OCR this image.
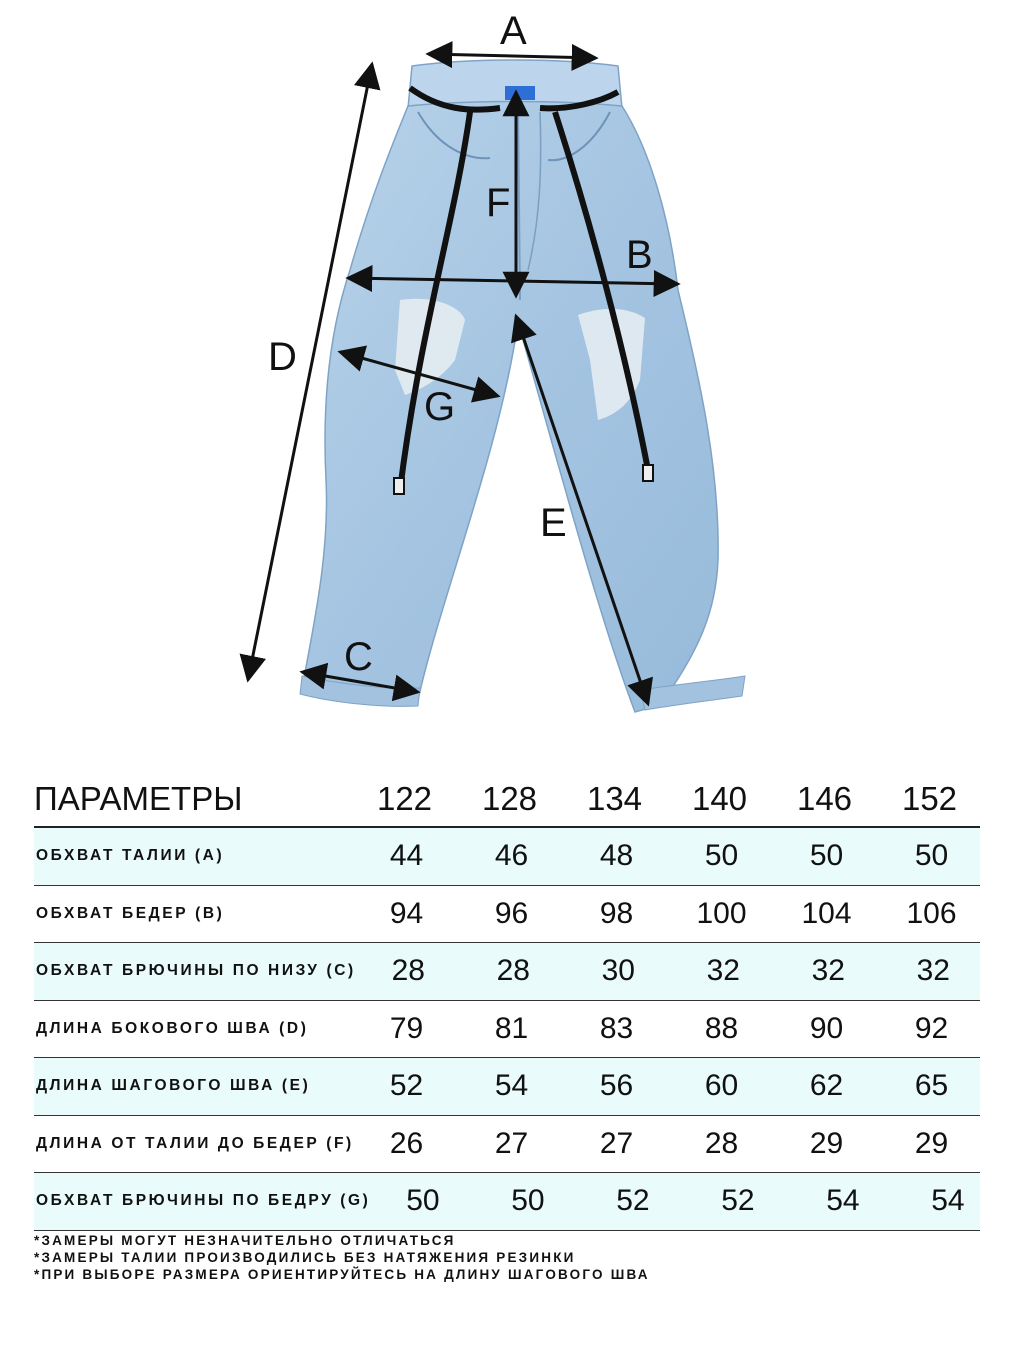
A
B
C
D
E
F
G
ПАРАМЕТРЫ	122	128	134	140	146	152
ОБХВАТ ТАЛИИ (A)	44	46	48	50	50	50
ОБХВАТ БЕДЕР (B)	94	96	98	100	104	106
ОБХВАТ БРЮЧИНЫ ПО НИЗУ (C)	28	28	30	32	32	32
ДЛИНА БОКОВОГО ШВА (D)	79	81	83	88	90	92
ДЛИНА ШАГОВОГО ШВА (E)	52	54	56	60	62	65
ДЛИНА ОТ ТАЛИИ ДО БЕДЕР (F)	26	27	27	28	29	29
ОБХВАТ БРЮЧИНЫ ПО БЕДРУ (G)	50	50	52	52	54	54
*ЗАМЕРЫ МОГУТ НЕЗНАЧИТЕЛЬНО ОТЛИЧАТЬСЯ
*ЗАМЕРЫ ТАЛИИ ПРОИЗВОДИЛИСЬ БЕЗ НАТЯЖЕНИЯ РЕЗИНКИ
*ПРИ ВЫБОРЕ РАЗМЕРА ОРИЕНТИРУЙТЕСЬ НА ДЛИНУ ШАГОВОГО ШВА
